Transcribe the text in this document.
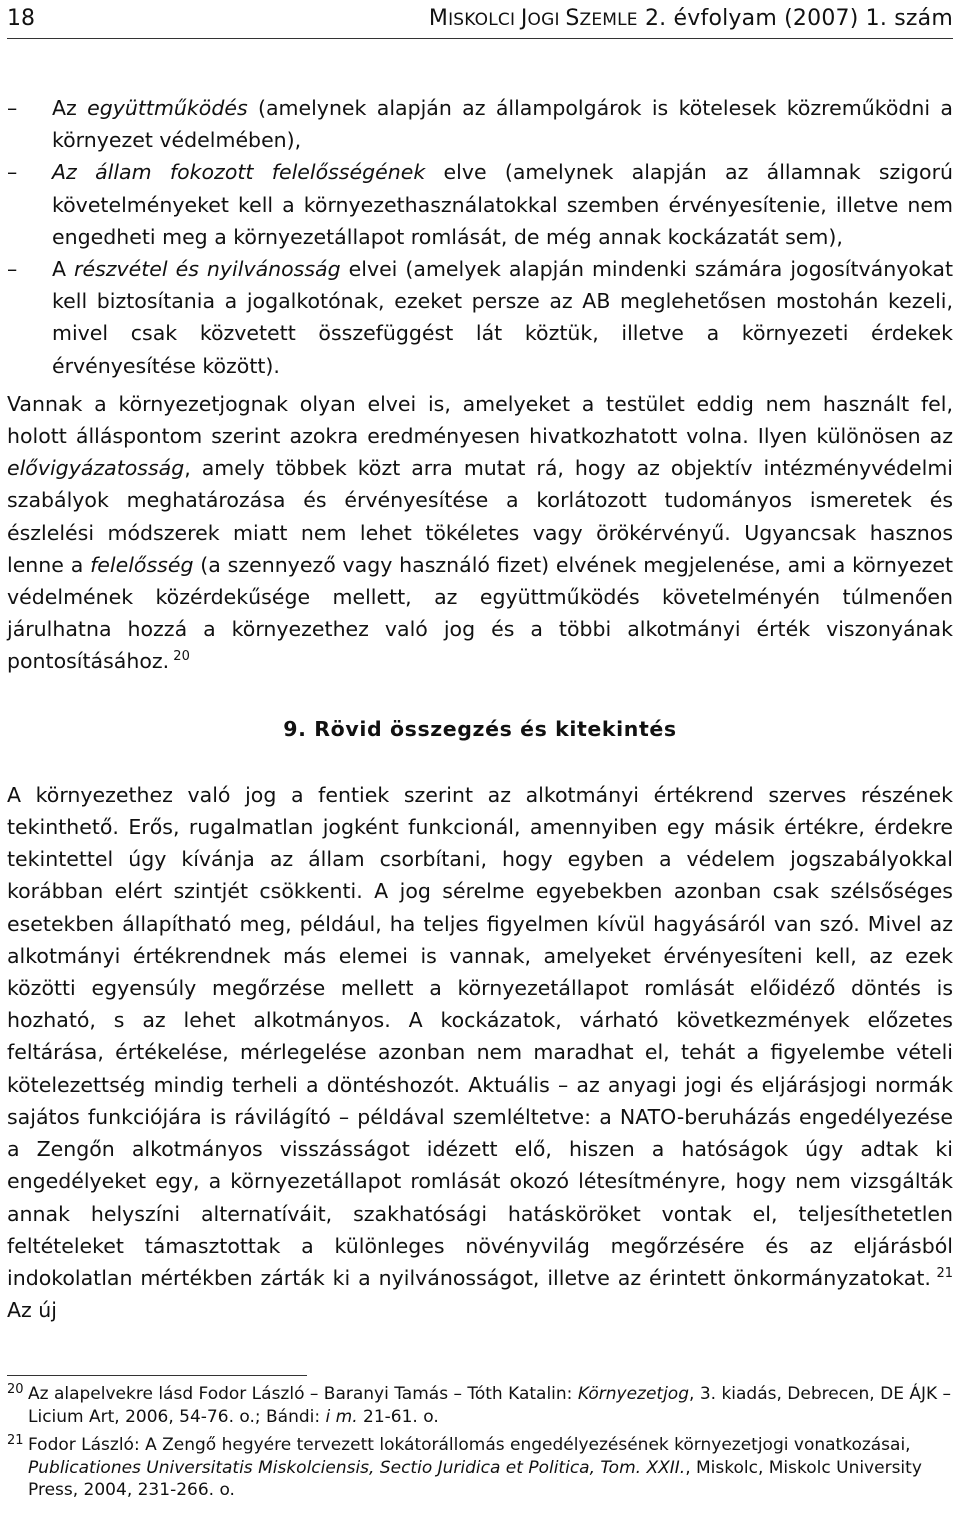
18	MISKOLCI JOGI SZEMLE 2. évfolyam (2007) 1. szám
–	Az együttműködés (amelynek alapján az állampolgárok is kötelesek közreműködni a környezet védelmében),
–	Az állam fokozott felelősségének elve (amelynek alapján az államnak szigorú követelményeket kell a környezethasználatokkal szemben érvényesítenie, illetve nem engedheti meg a környezetállapot romlását, de még annak kockázatát sem),
–	A részvétel és nyilvánosság elvei (amelyek alapján mindenki számára jogosítványokat kell biztosítania a jogalkotónak, ezeket persze az AB meglehetősen mostohán kezeli, mivel csak közvetett összefüggést lát köztük, illetve a környezeti érdekek érvényesítése között).

Vannak a környezetjognak olyan elvei is, amelyeket a testület eddig nem használt fel, holott álláspontom szerint azokra eredményesen hivatkozhatott volna. Ilyen különösen az elővigyázatosság, amely többek közt arra mutat rá, hogy az objektív intézményvédelmi szabályok meghatározása és érvényesítése a korlátozott tudományos ismeretek és észlelési módszerek miatt nem lehet tökéletes vagy örökérvényű. Ugyancsak hasznos lenne a felelősség (a szennyező vagy használó fizet) elvének megjelenése, ami a környezet védelmének közérdekűsége mellett, az együttműködés követelményén túlmenően járulhatna hozzá a környezethez való jog és a többi alkotmányi érték viszonyának pontosításához. $^{20}$

9. Rövid összegzés és kitekintés

A környezethez való jog a fentiek szerint az alkotmányi értékrend szerves részének tekinthető. Erős, rugalmatlan jogként funkcionál, amennyiben egy másik értékre, érdekre tekintettel úgy kívánja az állam csorbítani, hogy egyben a védelem jogszabályokkal korábban elért szintjét csökkenti. A jog sérelme egyebekben azonban csak szélsőséges esetekben állapítható meg, például, ha teljes figyelmen kívül hagyásáról van szó. Mivel az alkotmányi értékrendnek más elemei is vannak, amelyeket érvényesíteni kell, az ezek közötti egyensúly megőrzése mellett a környezetállapot romlását előidéző döntés is hozható, s az lehet alkotmányos. A kockázatok, várható következmények előzetes feltárása, értékelése, mérlegelése azonban nem maradhat el, tehát a figyelembe vételi kötelezettség mindig terheli a döntéshozót. Aktuális – az anyagi jogi és eljárásjogi normák sajátos funkciójára is rávilágító – példával szemléltetve: a NATO-beruházás engedélyezése a Zengőn alkotmányos visszásságot idézett elő, hiszen a hatóságok úgy adtak ki engedélyeket egy, a környezetállapot romlását okozó létesítményre, hogy nem vizsgálták annak helyszíni alternatíváit, szakhatósági hatásköröket vontak el, teljesíthetetlen feltételeket támasztottak a különleges növényvilág megőrzésére és az eljárásból indokolatlan mértékben zárták ki a nyilvánosságot, illetve az érintett önkormányzatokat. $^{21}$ Az új

20 Az alapelvekre lásd Fodor László – Baranyi Tamás – Tóth Katalin: Környezetjog, 3. kiadás, Debrecen, DE ÁJK – Licium Art, 2006, 54-76. o.; Bándi: i m. 21-61. o.
21 Fodor László: A Zengő hegyére tervezett lokátorállomás engedélyezésének környezetjogi vonatkozásai, Publicationes Universitatis Miskolciensis, Sectio Juridica et Politica, Tom. XXII., Miskolc, Miskolc University Press, 2004, 231-266. o.
